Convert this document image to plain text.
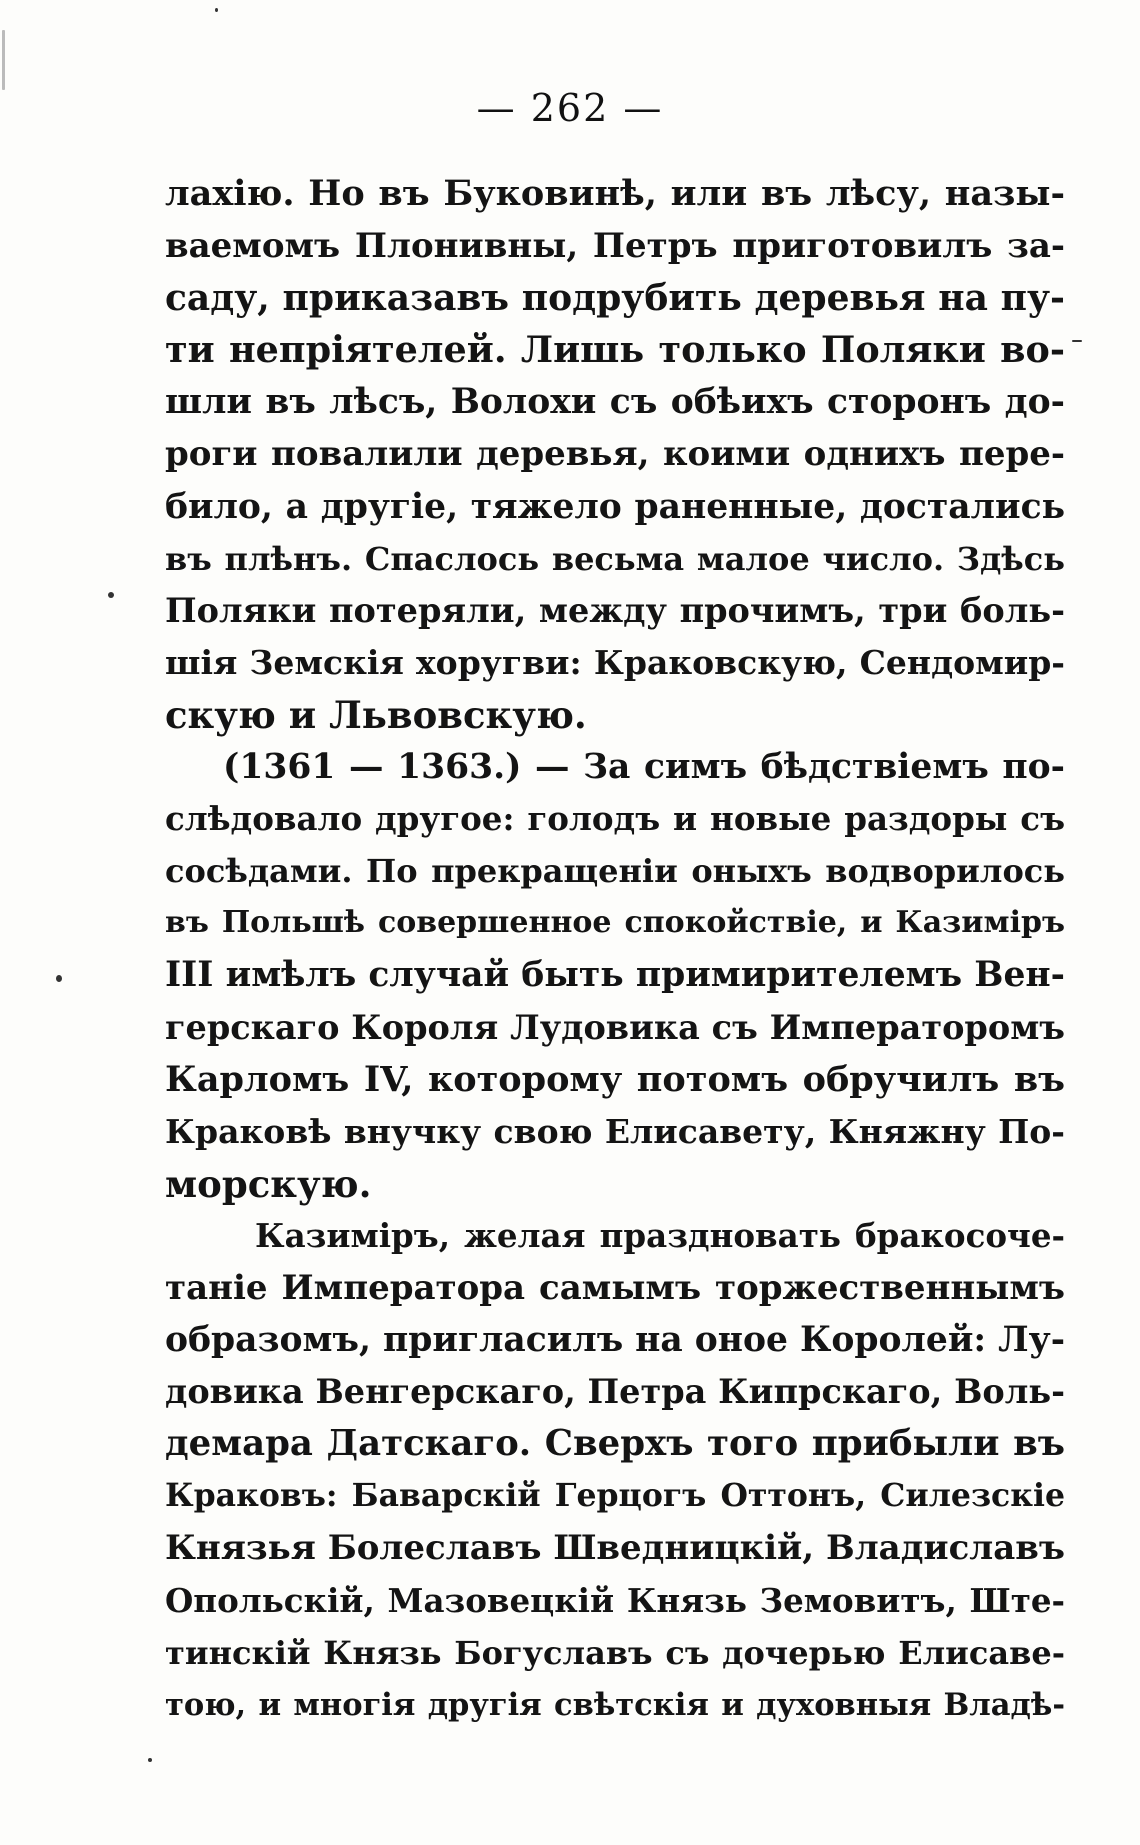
— 262 —
лахію. Но въ Буковинѣ, или въ лѣсу, назы-
ваемомъ Плонивны, Петръ приготовилъ за-
саду, приказавъ подрубить деревья на пу-
ти непріятелей. Лишь только Поляки во-
шли въ лѣсъ, Волохи съ обѣихъ сторонъ до-
роги повалили деревья, коими однихъ пере-
било, а другіе, тяжело раненные, достались
въ плѣнъ. Спаслось весьма малое число. Здѣсь
Поляки потеряли, между прочимъ, три боль-
шія Земскія хоругви: Краковскую, Сендомир-
скую и Львовскую.
(1361 — 1363.) — За симъ бѣдствіемъ по-
слѣдовало другое: голодъ и новые раздоры съ
сосѣдами. По прекращеніи оныхъ водворилось
въ Польшѣ совершенное спокойствіе, и Казиміръ
III имѣлъ случай быть примирителемъ Вен-
герскаго Короля Лудовика съ Императоромъ
Карломъ IV, которому потомъ обручилъ въ
Краковѣ внучку свою Елисавету, Княжну По-
морскую.
Казиміръ, желая праздновать бракосоче-
таніе Императора самымъ торжественнымъ
образомъ, пригласилъ на оное Королей: Лу-
довика Венгерскаго, Петра Кипрскаго, Воль-
демара Датскаго. Сверхъ того прибыли въ
Краковъ: Баварскій Герцогъ Оттонъ, Силезскіе
Князья Болеславъ Шведницкій, Владиславъ
Опольскій, Мазовецкій Князь Земовитъ, Ште-
тинскій Князь Богуславъ съ дочерью Елисаве-
тою, и многія другія свѣтскія и духовныя Владѣ-
